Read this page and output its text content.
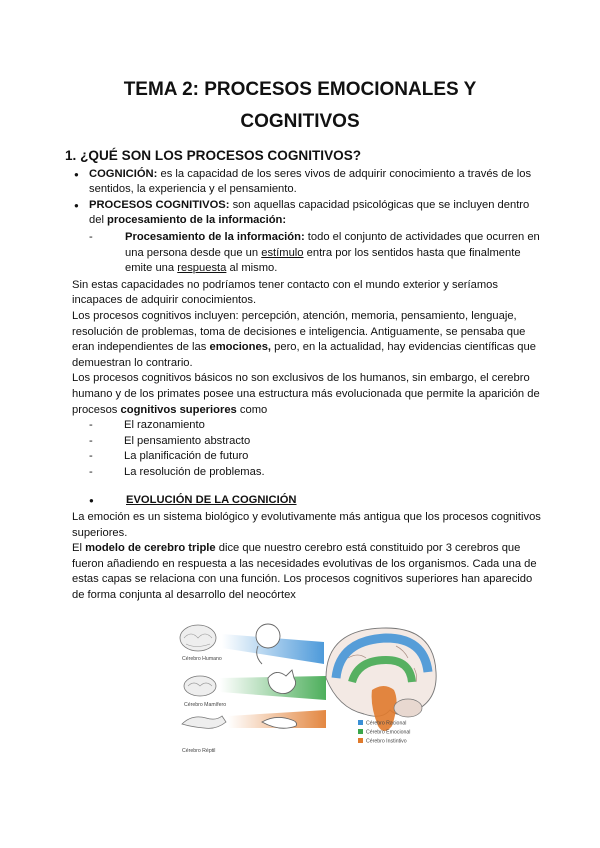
TEMA 2: PROCESOS EMOCIONALES Y
COGNITIVOS
1. ¿QUÉ SON LOS PROCESOS COGNITIVOS?

● COGNICIÓN: es la capacidad de los seres vivos de adquirir conocimiento a través de los sentidos, la experiencia y el pensamiento.

● PROCESOS COGNITIVOS: son aquellas capacidad psicológicas que se incluyen dentro del procesamiento de la información:

-	Procesamiento de la información: todo el conjunto de actividades que ocurren en una persona desde que un estímulo entra por los sentidos hasta que finalmente emite una respuesta al mismo.

Sin estas capacidades no podríamos tener contacto con el mundo exterior y seríamos incapaces de adquirir conocimientos.

Los procesos cognitivos incluyen: percepción, atención, memoria, pensamiento, lenguaje, resolución de problemas, toma de decisiones e inteligencia. Antiguamente, se pensaba que eran independientes de las emociones, pero, en la actualidad, hay evidencias científicas que demuestran lo contrario.

Los procesos cognitivos básicos no son exclusivos de los humanos, sin embargo, el cerebro humano y de los primates posee una estructura más evolucionada que permite la aparición de procesos cognitivos superiores como

-	El razonamiento

-	El pensamiento abstracto

-	La planificación de futuro

-	La resolución de problemas.

● EVOLUCIÓN DE LA COGNICIÓN

La emoción es un sistema biológico y evolutivamente más antigua que los procesos cognitivos superiores.

El modelo de cerebro triple dice que nuestro cerebro está constituido por 3 cerebros que fueron añadiendo en respuesta a las necesidades evolutivas de los organismos. Cada una de estas capas se relaciona con una función. Los procesos cognitivos superiores han aparecido de forma conjunta al desarrollo del neocórtex

Cérebro Humano
Cérebro Mamífero
Cérebro Réptil
Cérebro Racional
Cérebro Emocional
Cérebro Instintivo
